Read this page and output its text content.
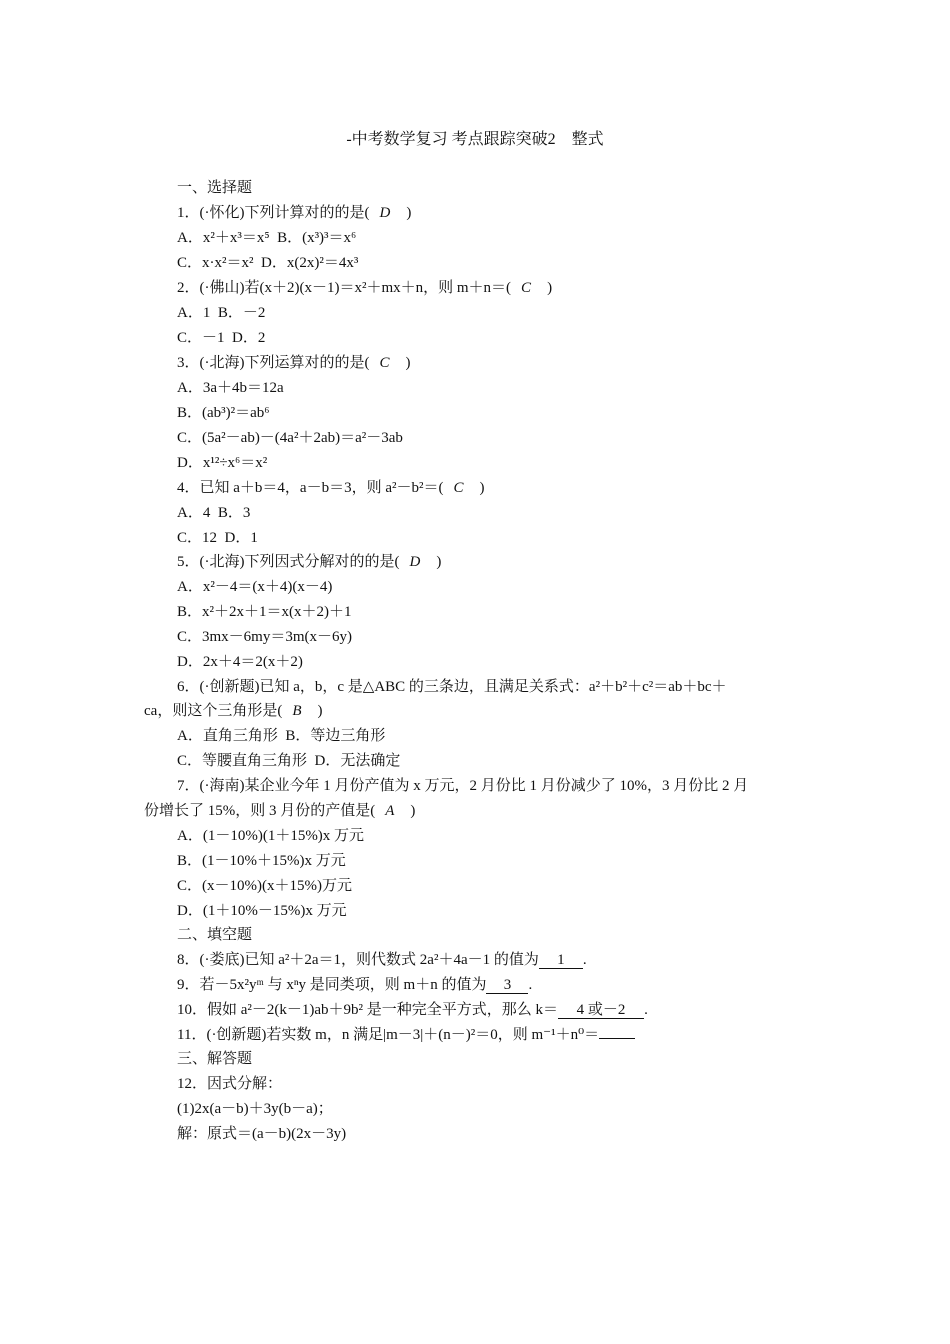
-中考数学复习 考点跟踪突破2　整式
一、选择题
1．(·怀化)下列计算对的的是( D )
A．x²＋x³＝x⁵ B．(x³)³＝x⁶
C．x·x²＝x² D．x(2x)²＝4x³
2．(·佛山)若(x＋2)(x－1)＝x²＋mx＋n，则 m＋n＝( C )
A．1 B．－2
C．－1 D．2
3．(·北海)下列运算对的的是( C )
A．3a＋4b＝12a
B．(ab³)²＝ab⁶
C．(5a²－ab)－(4a²＋2ab)＝a²－3ab
D．x¹²÷x⁶＝x²
4．已知 a＋b＝4，a－b＝3，则 a²－b²＝( C )
A．4 B．3
C．12 D．1
5．(·北海)下列因式分解对的的是( D )
A．x²－4＝(x＋4)(x－4)
B．x²＋2x＋1＝x(x＋2)＋1
C．3mx－6my＝3m(x－6y)
D．2x＋4＝2(x＋2)
6．(·创新题)已知 a，b，c 是△ABC 的三条边，且满足关系式：a²＋b²＋c²＝ab＋bc＋
ca，则这个三角形是( B )
A．直角三角形 B．等边三角形
C．等腰直角三角形 D．无法确定
7．(·海南)某企业今年 1 月份产值为 x 万元，2 月份比 1 月份减少了 10%，3 月份比 2 月
份增长了 15%，则 3 月份的产值是( A )
A．(1－10%)(1＋15%)x 万元
B．(1－10%＋15%)x 万元
C．(x－10%)(x＋15%)万元
D．(1＋10%－15%)x 万元
二、填空题
8．(·娄底)已知 a²＋2a＝1，则代数式 2a²＋4a－1 的值为 1 .
9．若－5x²yᵐ 与 xⁿy 是同类项，则 m＋n 的值为 3 .
10．假如 a²－2(k－1)ab＋9b² 是一种完全平方式，那么 k＝ 4 或－2 .
11．(·创新题)若实数 m，n 满足|m－3|＋(n－)²＝0，则 m⁻¹＋n⁰＝
三、解答题
12．因式分解：
(1)2x(a－b)＋3y(b－a)；
解：原式＝(a－b)(2x－3y)
